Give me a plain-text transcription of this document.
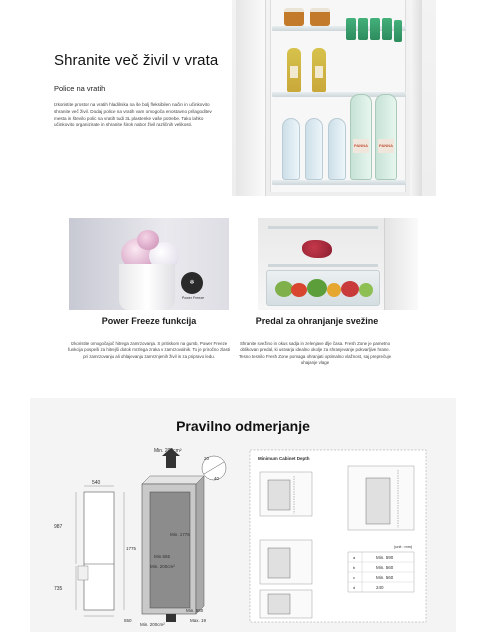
Shranite več živil v vrata
Police na vratih

Izkoristite prostor na vratih hladilnika na še bolj fleksibilen način in učinkovito shranite več živil. Dodaj police na vratih vam omogoča enostavno prilagoditev mesta in število polic na vratih tudi 3L plastenke vaše potrebe. Tako lahko učinkovito organizirate in shranite širok nabor živil različnih velikosti.

PANNA	PANNA
❄
Power Freeze
Power Freeze funkcija

Izkoristite omogočajoč hitrega zamrzovanja. S pritiskom na gumb, Power Freeze funkcija pospeši za hitrejši dotok mrzlega zraka v zamrzovalnik. To je priročno zlasti pri zamrzovanju ali ohlajevanju zamrznjenih živil in za pripravo ledu.

Predal za ohranjanje svežine

Shranite svežino in okus sadja in zelenjave dlje časa. Fresh Zone je pametno oblikovan predal, ki ustvarja idealno okolje za shranjevanje pokvarljive hrane. Tesno tesnilo Fresh Zone pomaga ohranjati optimalno vlažnost, saj preprečuje uhajanje vlage

Pravilno odmerjanje
Min. 200cm²
20
40
540
987
735
1775
Min.555
Min. 1776
Min. 200cm²
550
Min. 560
Max. 19
Min. 200cm²
Minimum Cabinet Depth
(unit : mm)
a	Min. 590
b	Min. 560
c	Min. 560
d	240
